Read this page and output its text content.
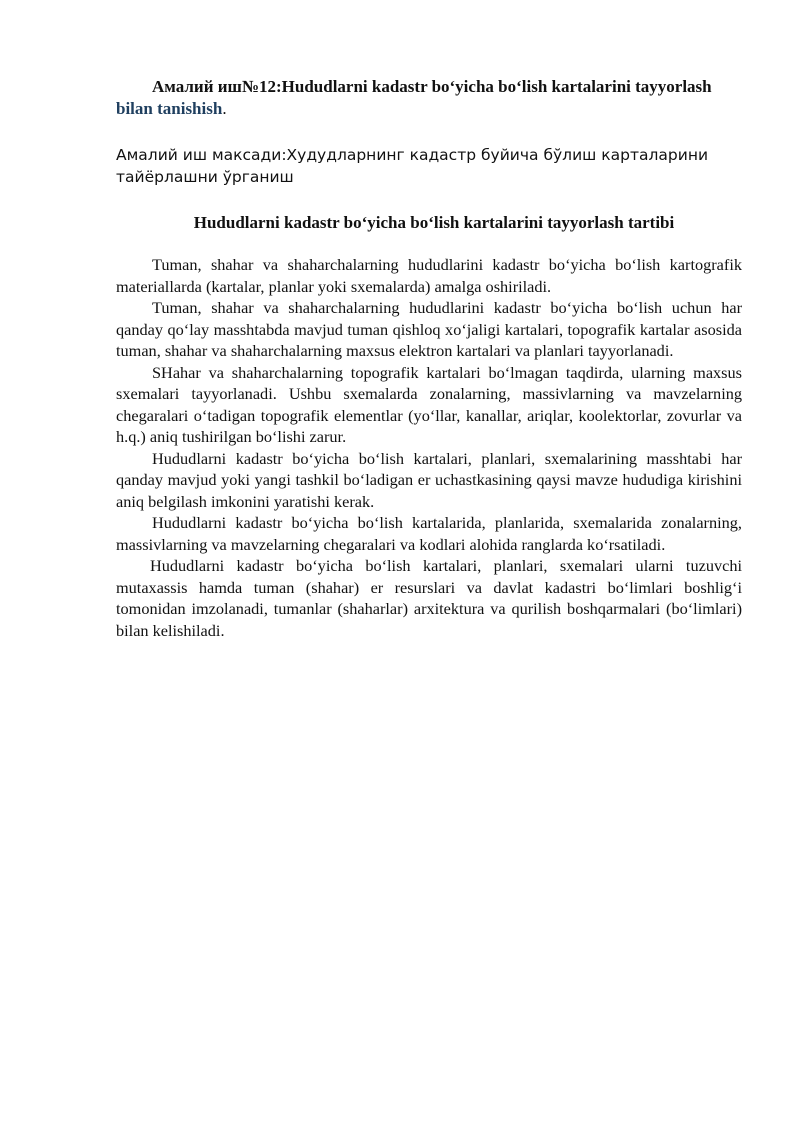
Амалий иш№12:Hududlarni kadastr bo‘yicha bo‘lish kartalarini tayyorlash bilan tanishish.

Амалий иш максади:Худудларнинг кадастр буйича бўлиш карталарини тайёрлашни ўрганиш

Hududlarni kadastr bo‘yicha bo‘lish kartalarini tayyorlash tartibi

Tuman, shahar va shaharchalarning hududlarini kadastr bo‘yicha bo‘lish kartografik materiallarda (kartalar, planlar yoki sxemalarda) amalga oshiriladi.

Tuman, shahar va shaharchalarning hududlarini kadastr bo‘yicha bo‘lish uchun har qanday qo‘lay masshtabda mavjud tuman qishloq xo‘jaligi kartalari, topografik kartalar asosida tuman, shahar va shaharchalarning maxsus elektron kartalari va planlari tayyorlanadi.

SHahar va shaharchalarning topografik kartalari bo‘lmagan taqdirda, ularning maxsus sxemalari tayyorlanadi. Ushbu sxemalarda zonalarning, massivlarning va mavzelarning chegaralari o‘tadigan topografik elementlar (yo‘llar, kanallar, ariqlar, koolektorlar, zovurlar va h.q.) aniq tushirilgan bo‘lishi zarur.

Hududlarni kadastr bo‘yicha bo‘lish kartalari, planlari, sxemalarining masshtabi har qanday mavjud yoki yangi tashkil bo‘ladigan er uchastkasining qaysi mavze hududiga kirishini aniq belgilash imkonini yaratishi kerak.

Hududlarni kadastr bo‘yicha bo‘lish kartalarida, planlarida, sxemalarida zonalarning, massivlarning va mavzelarning chegaralari va kodlari alohida ranglarda ko‘rsatiladi.

Hududlarni kadastr bo‘yicha bo‘lish kartalari, planlari, sxemalari ularni tuzuvchi mutaxassis hamda tuman (shahar) er resurslari va davlat kadastri bo‘limlari boshlig‘i tomonidan imzolanadi, tumanlar (shaharlar) arxitektura va qurilish boshqarmalari (bo‘limlari) bilan kelishiladi.
